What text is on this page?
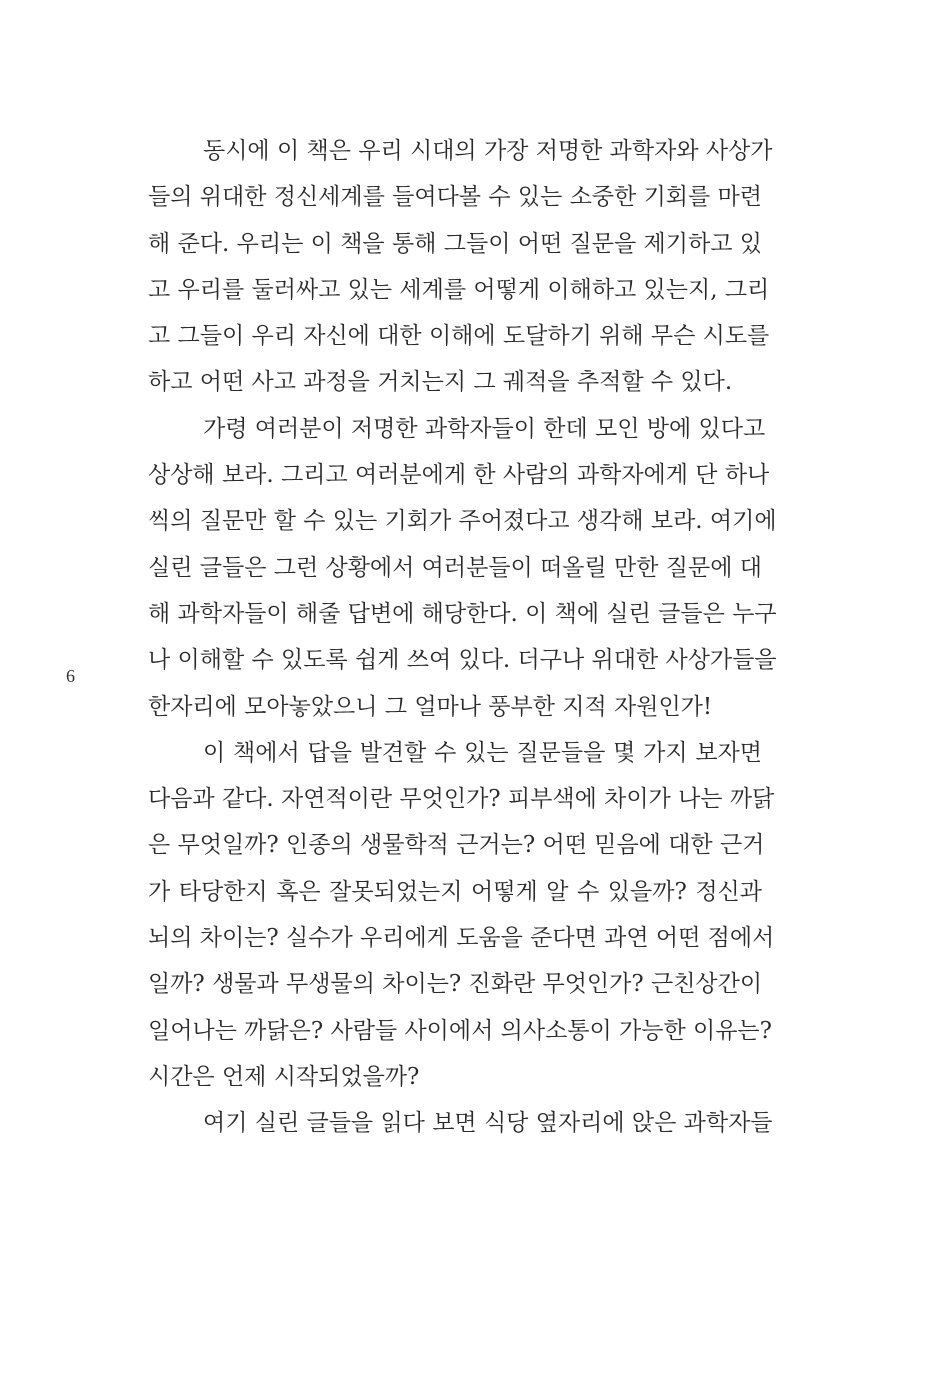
6
동시에 이 책은 우리 시대의 가장 저명한 과학자와 사상가
들의 위대한 정신세계를 들여다볼 수 있는 소중한 기회를 마련
해 준다. 우리는 이 책을 통해 그들이 어떤 질문을 제기하고 있
고 우리를 둘러싸고 있는 세계를 어떻게 이해하고 있는지, 그리
고 그들이 우리 자신에 대한 이해에 도달하기 위해 무슨 시도를
하고 어떤 사고 과정을 거치는지 그 궤적을 추적할 수 있다.
가령 여러분이 저명한 과학자들이 한데 모인 방에 있다고
상상해 보라. 그리고 여러분에게 한 사람의 과학자에게 단 하나
씩의 질문만 할 수 있는 기회가 주어졌다고 생각해 보라. 여기에
실린 글들은 그런 상황에서 여러분들이 떠올릴 만한 질문에 대
해 과학자들이 해줄 답변에 해당한다. 이 책에 실린 글들은 누구
나 이해할 수 있도록 쉽게 쓰여 있다. 더구나 위대한 사상가들을
한자리에 모아놓았으니 그 얼마나 풍부한 지적 자원인가!
이 책에서 답을 발견할 수 있는 질문들을 몇 가지 보자면
다음과 같다. 자연적이란 무엇인가? 피부색에 차이가 나는 까닭
은 무엇일까? 인종의 생물학적 근거는? 어떤 믿음에 대한 근거
가 타당한지 혹은 잘못되었는지 어떻게 알 수 있을까? 정신과
뇌의 차이는? 실수가 우리에게 도움을 준다면 과연 어떤 점에서
일까? 생물과 무생물의 차이는? 진화란 무엇인가? 근친상간이
일어나는 까닭은? 사람들 사이에서 의사소통이 가능한 이유는?
시간은 언제 시작되었을까?
여기 실린 글들을 읽다 보면 식당 옆자리에 앉은 과학자들
